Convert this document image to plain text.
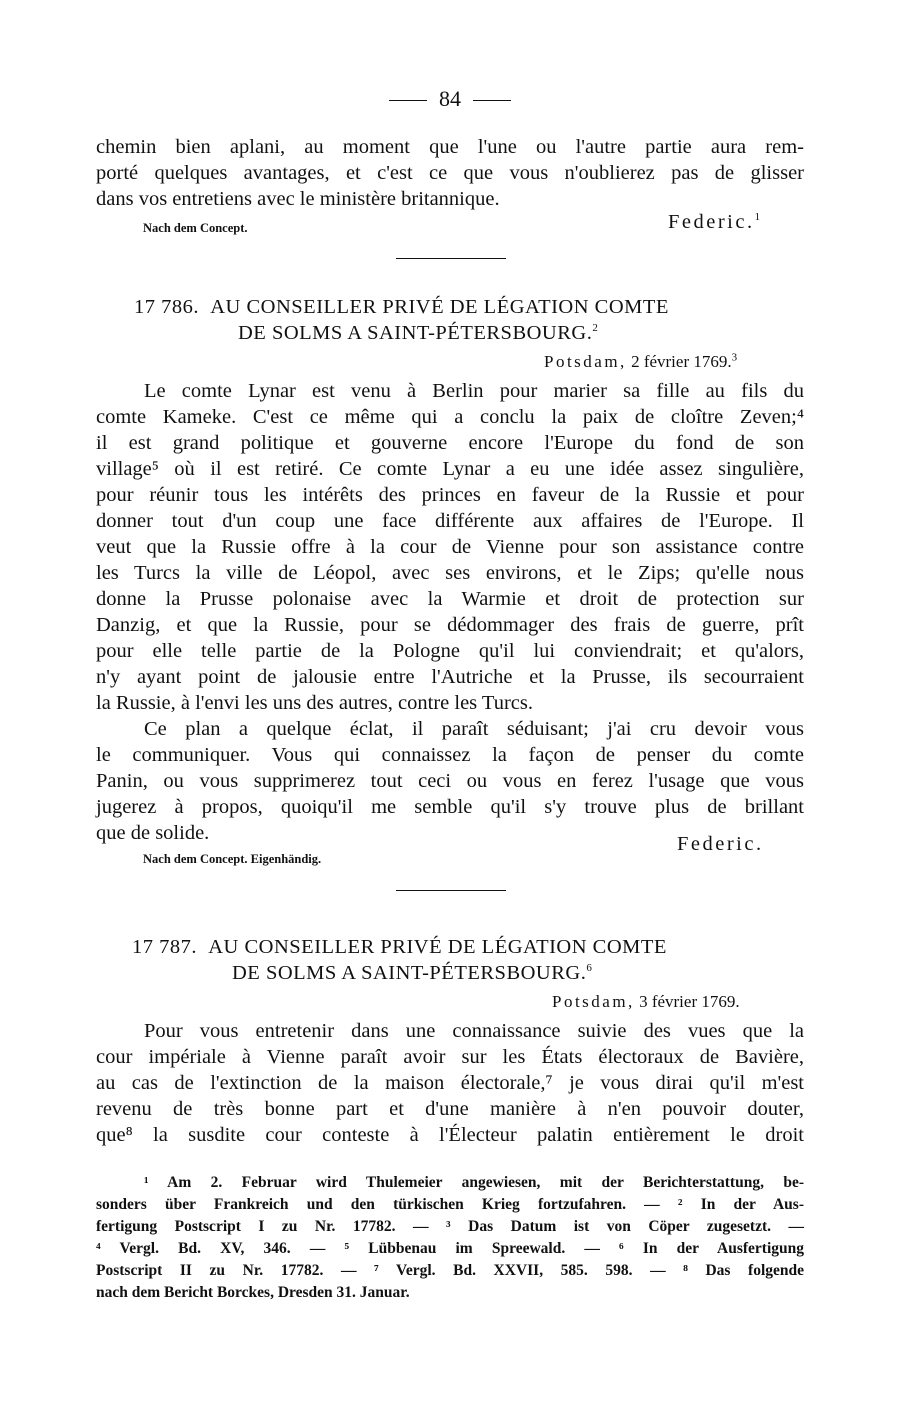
84
chemin bien aplani, au moment que l'une ou l'autre partie aura rem-
porté quelques avantages, et c'est ce que vous n'oublierez pas de glisser
dans vos entretiens avec le ministère britannique.
Nach dem Concept.	Federic.$^1$
17 786. AU CONSEILLER PRIVÉ DE LÉGATION COMTE
DE SOLMS A SAINT-PÉTERSBOURG.$^2$
Potsdam, 2 février 1769.$^3$
Le comte Lynar est venu à Berlin pour marier sa fille au fils du
comte Kameke. C'est ce même qui a conclu la paix de cloître Zeven;⁴
il est grand politique et gouverne encore l'Europe du fond de son
village⁵ où il est retiré. Ce comte Lynar a eu une idée assez singulière,
pour réunir tous les intérêts des princes en faveur de la Russie et pour
donner tout d'un coup une face différente aux affaires de l'Europe. Il
veut que la Russie offre à la cour de Vienne pour son assistance contre
les Turcs la ville de Léopol, avec ses environs, et le Zips; qu'elle nous
donne la Prusse polonaise avec la Warmie et droit de protection sur
Danzig, et que la Russie, pour se dédommager des frais de guerre, prît
pour elle telle partie de la Pologne qu'il lui conviendrait; et qu'alors,
n'y ayant point de jalousie entre l'Autriche et la Prusse, ils secourraient
la Russie, à l'envi les uns des autres, contre les Turcs.
Ce plan a quelque éclat, il paraît séduisant; j'ai cru devoir vous
le communiquer. Vous qui connaissez la façon de penser du comte
Panin, ou vous supprimerez tout ceci ou vous en ferez l'usage que vous
jugerez à propos, quoiqu'il me semble qu'il s'y trouve plus de brillant
que de solide.	Federic.
Nach dem Concept. Eigenhändig.
17 787. AU CONSEILLER PRIVÉ DE LÉGATION COMTE
DE SOLMS A SAINT-PÉTERSBOURG.$^6$
Potsdam, 3 février 1769.
Pour vous entretenir dans une connaissance suivie des vues que la
cour impériale à Vienne paraît avoir sur les États électoraux de Bavière,
au cas de l'extinction de la maison électorale,⁷ je vous dirai qu'il m'est
revenu de très bonne part et d'une manière à n'en pouvoir douter,
que⁸ la susdite cour conteste à l'Électeur palatin entièrement le droit
¹ Am 2. Februar wird Thulemeier angewiesen, mit der Berichterstattung, be-
sonders über Frankreich und den türkischen Krieg fortzufahren. — ² In der Aus-
fertigung Postscript I zu Nr. 17782. — ³ Das Datum ist von Cöper zugesetzt. —
⁴ Vergl. Bd. XV, 346. — ⁵ Lübbenau im Spreewald. — ⁶ In der Ausfertigung
Postscript II zu Nr. 17782. — ⁷ Vergl. Bd. XXVII, 585. 598. — ⁸ Das folgende
nach dem Bericht Borckes, Dresden 31. Januar.
